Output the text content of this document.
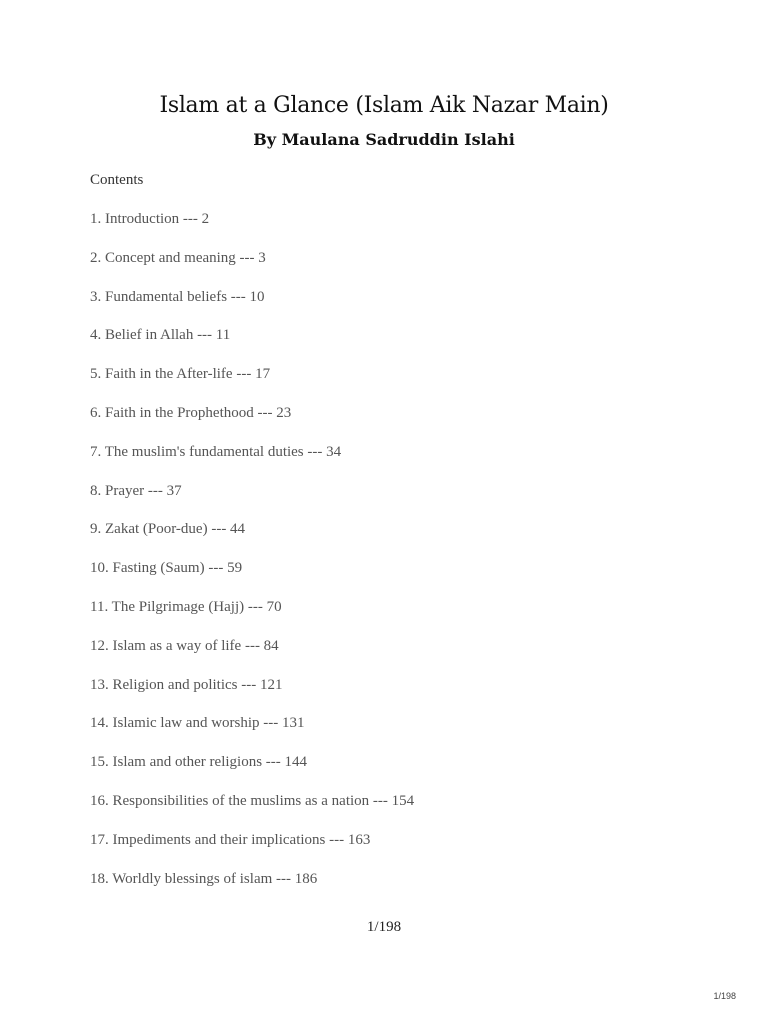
Islam at a Glance (Islam Aik Nazar Main)
By Maulana Sadruddin Islahi
Contents
1. Introduction --- 2
2. Concept and meaning --- 3
3. Fundamental beliefs --- 10
4. Belief in Allah --- 11
5. Faith in the After-life --- 17
6. Faith in the Prophethood --- 23
7. The muslim's fundamental duties --- 34
8. Prayer --- 37
9. Zakat (Poor-due) --- 44
10. Fasting (Saum) --- 59
11. The Pilgrimage (Hajj) --- 70
12. Islam as a way of life --- 84
13. Religion and politics --- 121
14. Islamic law and worship --- 131
15. Islam and other religions --- 144
16. Responsibilities of the muslims as a nation --- 154
17. Impediments and their implications --- 163
18. Worldly blessings of islam --- 186
1/198
1/198
